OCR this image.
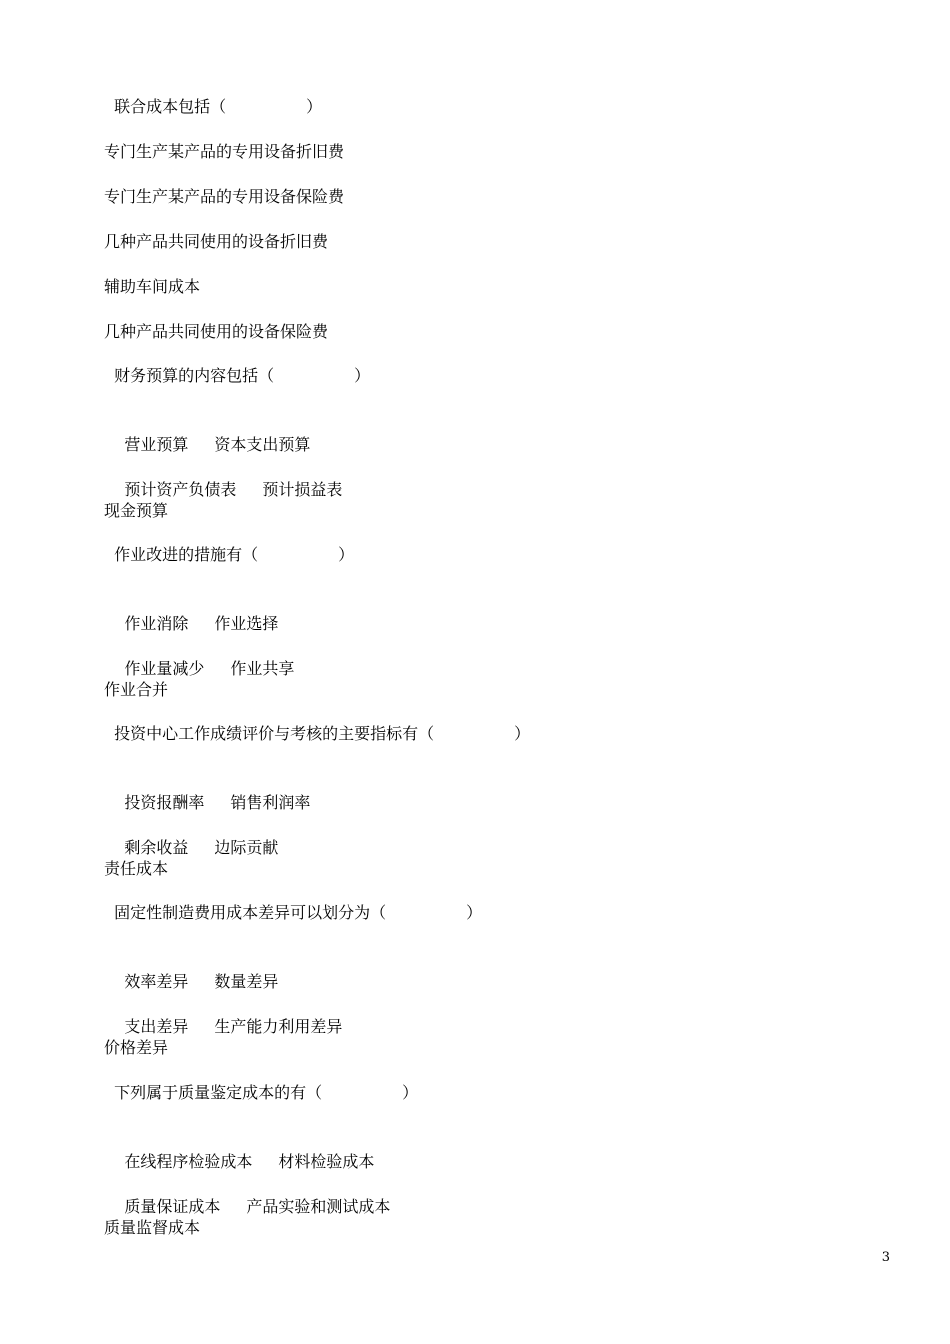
联合成本包括（　　　　　）
专门生产某产品的专用设备折旧费
专门生产某产品的专用设备保险费
几种产品共同使用的设备折旧费
辅助车间成本
几种产品共同使用的设备保险费
财务预算的内容包括（　　　　　）

营业预算 资本支出预算

预计资产负债表 预计损益表

现金预算
作业改进的措施有（　　　　　）

作业消除 作业选择

作业量减少 作业共享

作业合并
投资中心工作成绩评价与考核的主要指标有（　　　　　）

投资报酬率 销售利润率

剩余收益 边际贡献

责任成本
固定性制造费用成本差异可以划分为（　　　　　）

效率差异 数量差异

支出差异 生产能力利用差异

价格差异
下列属于质量鉴定成本的有（　　　　　）

在线程序检验成本 材料检验成本

质量保证成本 产品实验和测试成本

质量监督成本
3
